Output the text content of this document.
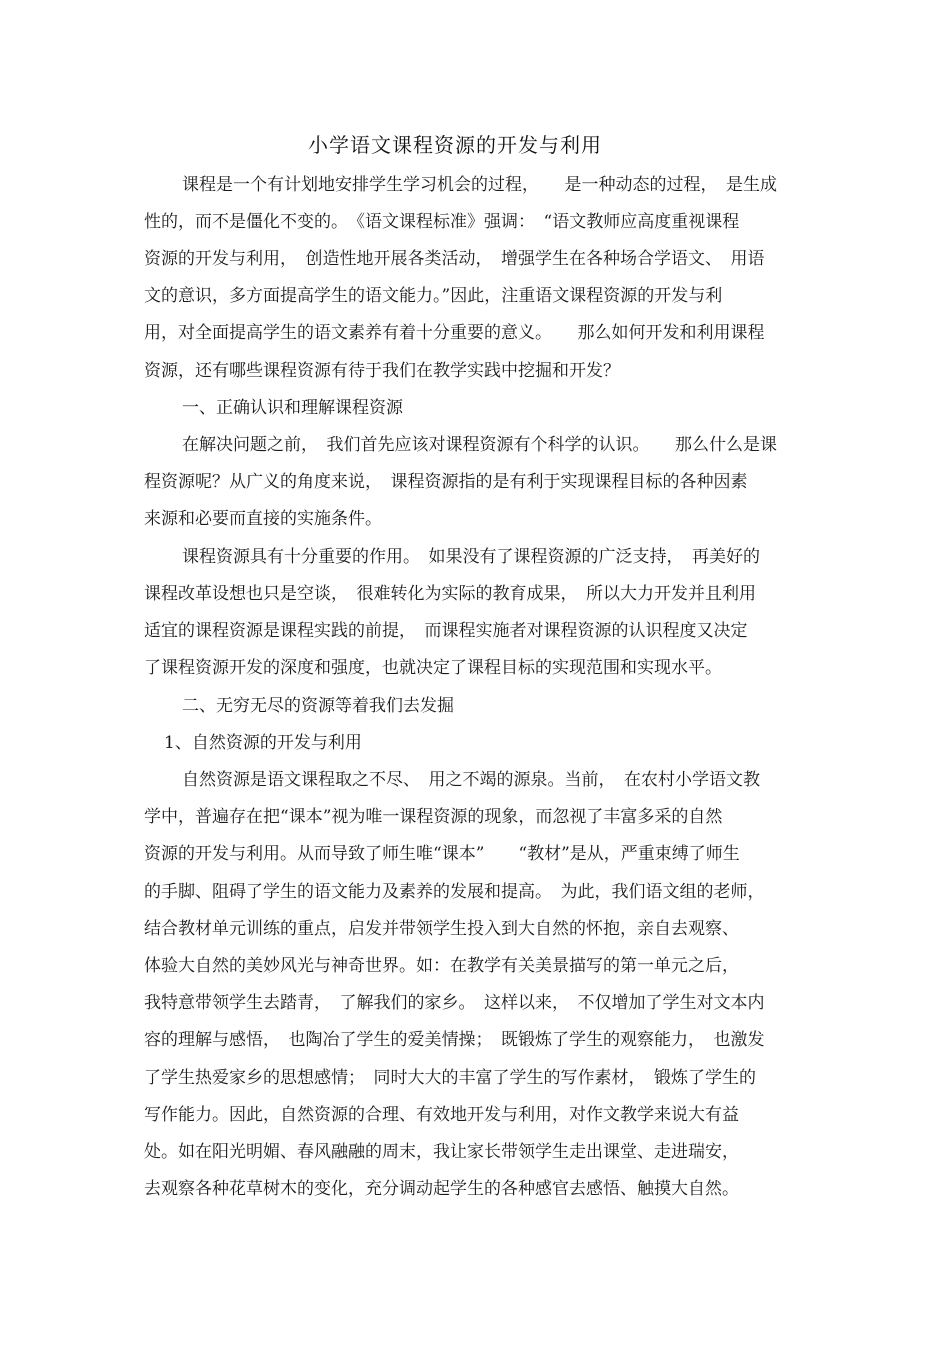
小学语文课程资源的开发与利用
课程是一个有计划地安排学生学习机会的过程，　　是一种动态的过程，　是生成
性的，而不是僵化不变的。　《语文课程标准》强调：　“语文教师应高度重视课程
资源的开发与利用，　创造性地开展各类活动，　增强学生在各种场合学语文、　用语
文的意识，多方面提高学生的语文能力。”因此，注重语文课程资源的开发与利
用，对全面提高学生的语文素养有着十分重要的意义。　　那么如何开发和利用课程
资源，还有哪些课程资源有待于我们在教学实践中挖掘和开发？
一、正确认识和理解课程资源
在解决问题之前，　我们首先应该对课程资源有个科学的认识。　　那么什么是课
程资源呢？从广义的角度来说，　课程资源指的是有利于实现课程目标的各种因素
来源和必要而直接的实施条件。
课程资源具有十分重要的作用。　如果没有了课程资源的广泛支持，　再美好的
课程改革设想也只是空谈，　很难转化为实际的教育成果，　所以大力开发并且利用
适宜的课程资源是课程实践的前提，　而课程实施者对课程资源的认识程度又决定
了课程资源开发的深度和强度，也就决定了课程目标的实现范围和实现水平。
二、无穷无尽的资源等着我们去发掘
1、自然资源的开发与利用
自然资源是语文课程取之不尽、　用之不竭的源泉。当前，　在农村小学语文教
学中，普遍存在把“课本”视为唯一课程资源的现象，而忽视了丰富多采的自然
资源的开发与利用。从而导致了师生唯“课本”　　“教材”是从，严重束缚了师生
的手脚、阻碍了学生的语文能力及素养的发展和提高。　为此，我们语文组的老师，
结合教材单元训练的重点，启发并带领学生投入到大自然的怀抱，亲自去观察、
体验大自然的美妙风光与神奇世界。如：在教学有关美景描写的第一单元之后，
我特意带领学生去踏青，　了解我们的家乡。　这样以来，　不仅增加了学生对文本内
容的理解与感悟，　也陶冶了学生的爱美情操；　既锻炼了学生的观察能力，　也激发
了学生热爱家乡的思想感情；　同时大大的丰富了学生的写作素材，　锻炼了学生的
写作能力。因此，自然资源的合理、有效地开发与利用，对作文教学来说大有益
处。如在阳光明媚、春风融融的周末，我让家长带领学生走出课堂、走进瑞安，
去观察各种花草树木的变化，充分调动起学生的各种感官去感悟、触摸大自然。
